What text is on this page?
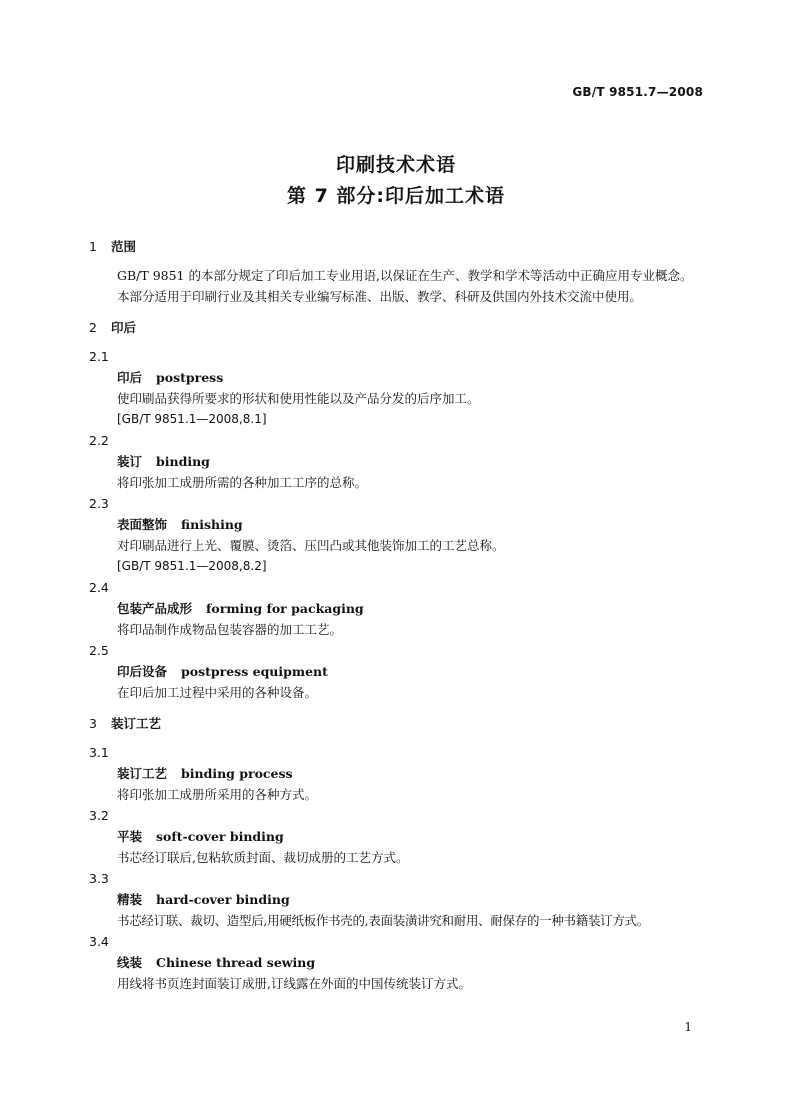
GB/T 9851.7—2008
印刷技术术语
第 7 部分:印后加工术语

1 范围

GB/T 9851 的本部分规定了印后加工专业用语,以保证在生产、教学和学术等活动中正确应用专业概念。

本部分适用于印刷行业及其相关专业编写标准、出版、教学、科研及供国内外技术交流中使用。

2 印后

2.1

印后 postpress

使印刷品获得所要求的形状和使用性能以及产品分发的后序加工。

[GB/T 9851.1—2008,8.1]

2.2

装订 binding

将印张加工成册所需的各种加工工序的总称。

2.3

表面整饰 finishing

对印刷品进行上光、覆膜、烫箔、压凹凸或其他装饰加工的工艺总称。

[GB/T 9851.1—2008,8.2]

2.4

包装产品成形 forming for packaging

将印品制作成物品包装容器的加工工艺。

2.5

印后设备 postpress equipment

在印后加工过程中采用的各种设备。

3 装订工艺

3.1

装订工艺 binding process

将印张加工成册所采用的各种方式。

3.2

平装 soft-cover binding

书芯经订联后,包粘软质封面、裁切成册的工艺方式。

3.3

精装 hard-cover binding

书芯经订联、裁切、造型后,用硬纸板作书壳的,表面装潢讲究和耐用、耐保存的一种书籍装订方式。

3.4

线装 Chinese thread sewing

用线将书页连封面装订成册,订线露在外面的中国传统装订方式。

1
